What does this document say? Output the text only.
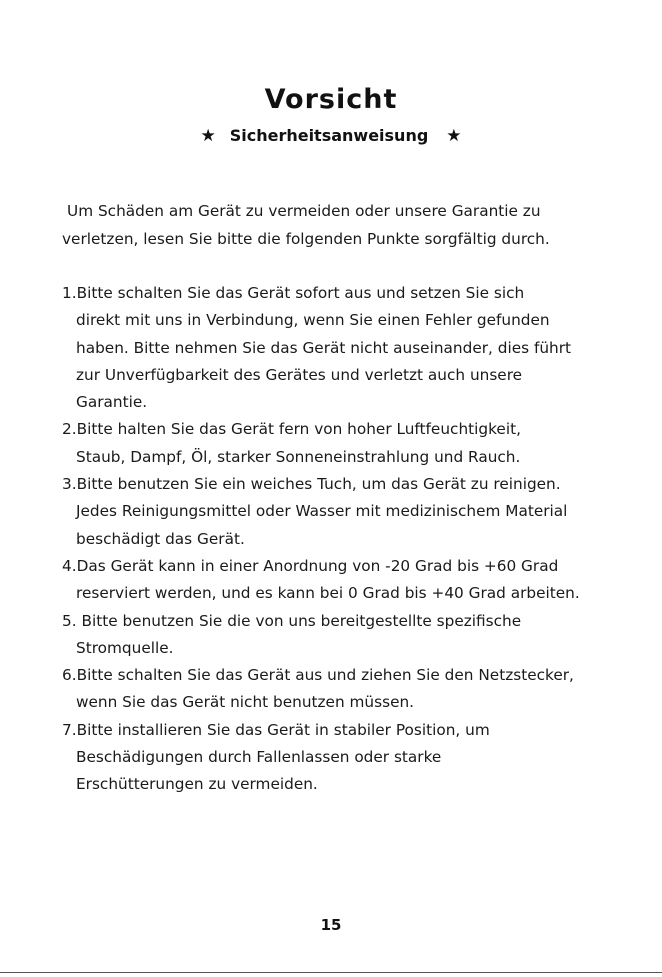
Vorsicht
★ Sicherheitsanweisung ★
Um Schäden am Gerät zu vermeiden oder unsere Garantie zu
verletzen, lesen Sie bitte die folgenden Punkte sorgfältig durch.
1.Bitte schalten Sie das Gerät sofort aus und setzen Sie sich
direkt mit uns in Verbindung, wenn Sie einen Fehler gefunden
haben. Bitte nehmen Sie das Gerät nicht auseinander, dies führt
zur Unverfügbarkeit des Gerätes und verletzt auch unsere
Garantie.
2.Bitte halten Sie das Gerät fern von hoher Luftfeuchtigkeit,
Staub, Dampf, Öl, starker Sonneneinstrahlung und Rauch.
3.Bitte benutzen Sie ein weiches Tuch, um das Gerät zu reinigen.
Jedes Reinigungsmittel oder Wasser mit medizinischem Material
beschädigt das Gerät.
4.Das Gerät kann in einer Anordnung von -20 Grad bis +60 Grad
reserviert werden, und es kann bei 0 Grad bis +40 Grad arbeiten.
5. Bitte benutzen Sie die von uns bereitgestellte spezifische
Stromquelle.
6.Bitte schalten Sie das Gerät aus und ziehen Sie den Netzstecker,
wenn Sie das Gerät nicht benutzen müssen.
7.Bitte installieren Sie das Gerät in stabiler Position, um
Beschädigungen durch Fallenlassen oder starke
Erschütterungen zu vermeiden.
15
